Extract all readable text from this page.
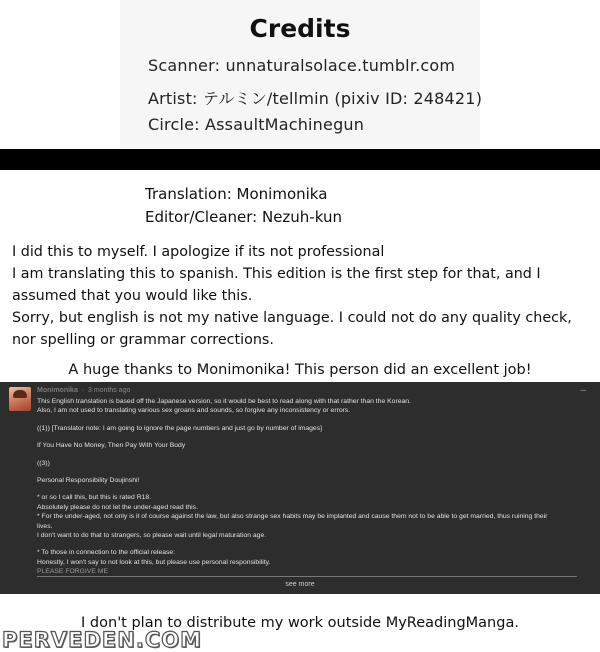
Credits
Scanner: unnaturalsolace.tumblr.com
Artist: テルミン/tellmin (pixiv ID: 248421)
Circle: AssaultMachinegun
Translation: Monimonika
Editor/Cleaner: Nezuh-kun

I did this to myself. I apologize if its not professional

I am translating this to spanish. This edition is the first step for that, and I assumed that you would like this.

Sorry, but english is not my native language. I could not do any quality check, nor spelling or grammar corrections.

A huge thanks to Monimonika! This person did an excellent job!
Monimonika  ·  3 months ago	–
This English translation is based off the Japanese version, so it would be best to read along with that rather than the Korean.
Also, I am not used to translating various sex groans and sounds, so forgive any inconsistency or errors.
((1)) [Translator note: I am going to ignore the page numbers and just go by number of images]
If You Have No Money, Then Pay With Your Body
((3))
Personal Responsibility Doujinshi!
* or so I call this, but this is rated R18.
Absolutely please do not let the under-aged read this.
* For the under-aged, not only is it of course against the law, but also strange sex habits may be implanted and cause them not to be able to get married, thus ruining their
lives.
I don't want to do that to strangers, so please wait until legal maturation age.
* To those in connection to the official release:
Honestly, I won't say to not look at this, but please use personal responsibility.
PLEASE FORGIVE ME
see more
I don't plan to distribute my work outside MyReadingManga.
PERVEDEN.COM
